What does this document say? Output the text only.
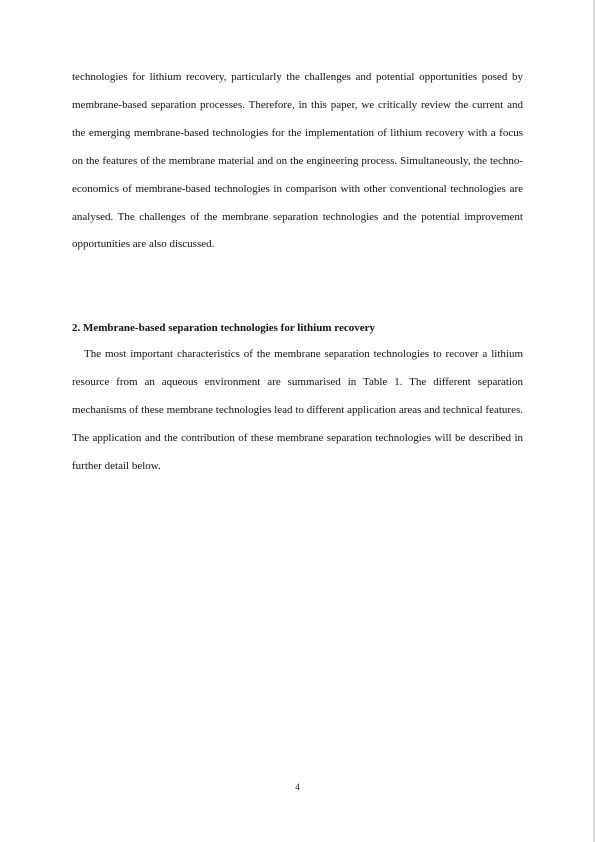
technologies for lithium recovery, particularly the challenges and potential opportunities posed by membrane-based separation processes. Therefore, in this paper, we critically review the current and the emerging membrane-based technologies for the implementation of lithium recovery with a focus on the features of the membrane material and on the engineering process. Simultaneously, the techno-economics of membrane-based technologies in comparison with other conventional technologies are analysed. The challenges of the membrane separation technologies and the potential improvement opportunities are also discussed.

2. Membrane-based separation technologies for lithium recovery

The most important characteristics of the membrane separation technologies to recover a lithium resource from an aqueous environment are summarised in Table 1. The different separation mechanisms of these membrane technologies lead to different application areas and technical features. The application and the contribution of these membrane separation technologies will be described in further detail below.

4
